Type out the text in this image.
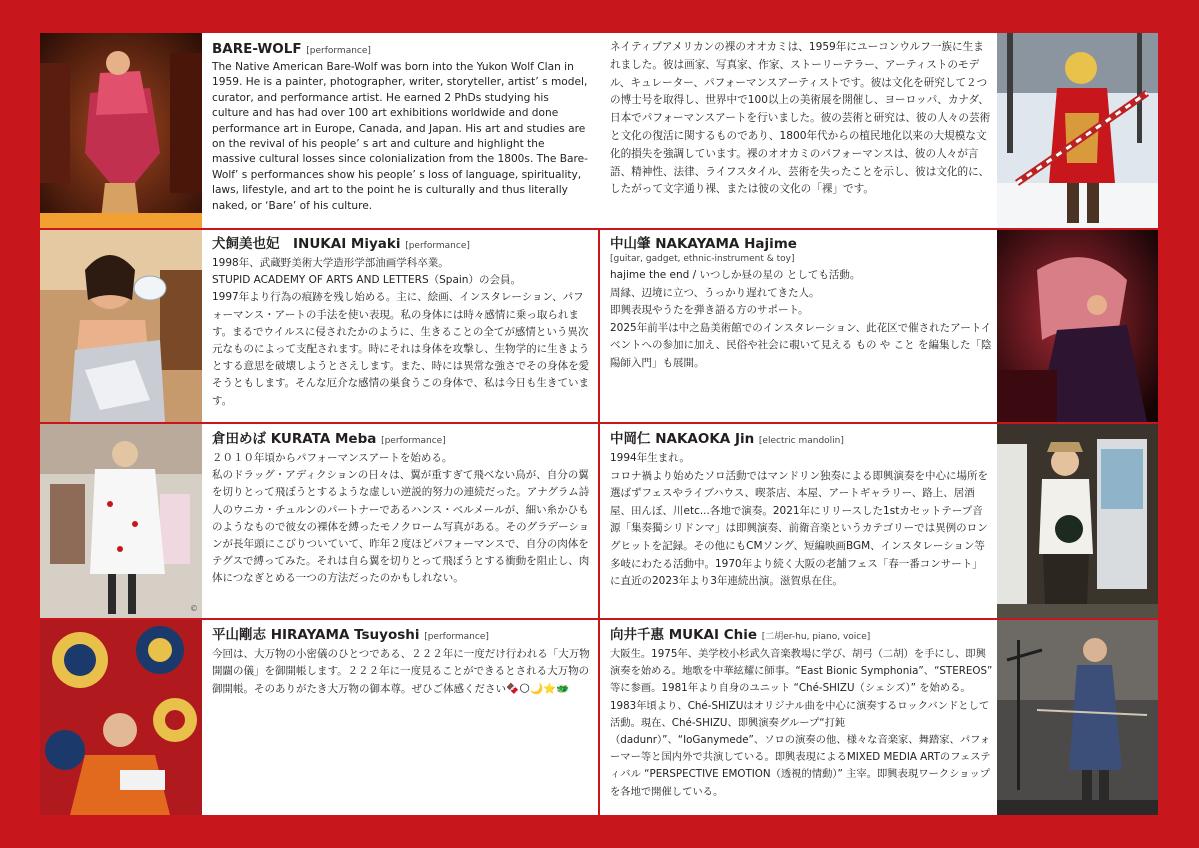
BARE-WOLF [performance]
The Native American Bare-Wolf was born into the Yukon Wolf Clan in 1959. He is a painter, photographer, writer, storyteller, artist’ s model, curator, and performance artist. He earned 2 PhDs studying his culture and has had over 100 art exhibitions worldwide and done performance art in Europe, Canada, and Japan. His art and studies are on the revival of his people’ s art and culture and highlight the massive cultural losses since colonialization from the 1800s. The Bare-Wolf’ s performances show his people’ s loss of language, spirituality, laws, lifestyle, and art to the point he is culturally and thus literally naked, or ‘Bare’ of his culture.
ネイティブアメリカンの裸のオオカミは、1959年にユーコンウルフ一族に生まれました。彼は画家、写真家、作家、ストーリーテラー、アーティストのモデル、キュレーター、パフォーマンスアーティストです。彼は文化を研究して２つの博士号を取得し、世界中で100以上の美術展を開催し、ヨーロッパ、カナダ、日本でパフォーマンスアートを行いました。彼の芸術と研究は、彼の人々の芸術と文化の復活に関するものであり、1800年代からの植民地化以来の大規模な文化的損失を強調しています。裸のオオカミのパフォーマンスは、彼の人々が言語、精神性、法律、ライフスタイル、芸術を失ったことを示し、彼は文化的に、したがって文字通り裸、または彼の文化の「裸」です。
犬飼美也妃　INUKAI Miyaki [performance]
1998年、武蔵野美術大学造形学部油画学科卒業。
STUPID ACADEMY OF ARTS AND LETTERS（Spain）の会員。
1997年より行為の痕跡を残し始める。主に、絵画、インスタレーション、パフォーマンス・アートの手法を使い表現。私の身体には時々感情に乗っ取られます。まるでウイルスに侵されたかのように、生きることの全てが感情という異次元なものによって支配されます。時にそれは身体を攻撃し、生物学的に生きようとする意思を破壊しようとさえします。また、時には異常な強さでその身体を愛そうともします。そんな厄介な感情の巣食うこの身体で、私は今日も生きています。
中山肇 NAKAYAMA Hajime
[guitar, gadget, ethnic-instrument & toy]
hajime the end / いつしか昼の星の としても活動。
周縁、辺境に立つ、うっかり遅れてきた人。
即興表現やうたを弾き語る方のサポート。
2025年前半は中之島美術館でのインスタレーション、此花区で催されたアートイベントへの参加に加え、民俗や社会に覗いて見える もの や こと を編集した「陰陽師入門」も展開。
©
倉田めば KURATA Meba [performance]
２０１０年頃からパフォーマンスアートを始める。
私のドラッグ・アディクションの日々は、翼が重すぎて飛べない鳥が、自分の翼を切りとって飛ぼうとするような虚しい逆説的努力の連続だった。アナグラム詩人のウニカ・チュルンのパートナーであるハンス・ベルメールが、細い糸かひものようなもので彼女の裸体を縛ったモノクローム写真がある。そのグラデーションが長年頭にこびりついていて、昨年２度ほどパフォーマンスで、自分の肉体をテグスで縛ってみた。それは自ら翼を切りとって飛ぼうとする衝動を阻止し、肉体につなぎとめる一つの方法だったのかもしれない。
中岡仁 NAKAOKA Jin [electric mandolin]
1994年生まれ。
コロナ禍より始めたソロ活動ではマンドリン独奏による即興演奏を中心に場所を選ばずフェスやライブハウス、喫茶店、本屋、アートギャラリー、路上、居酒屋、田んぼ、川etc...各地で演奏。2021年にリリースした1stカセットテープ音源「集奏獨シリドンマ」は即興演奏、前衛音楽というカテゴリーでは異例のロングヒットを記録。その他にもCMソング、短編映画BGM、インスタレーション等多岐にわたる活動中。1970年より続く大阪の老舗フェス「春一番コンサート」に直近の2023年より3年連続出演。滋賀県在住。
平山剛志 HIRAYAMA Tsuyoshi [performance]
今回は、大万物の小密儀のひとつである、２２２年に一度だけ行われる「大万物開闢の儀」を御開帳します。２２２年に一度見ることができるとされる大万物の御開帳。そのありがたき大万物の御本尊。ぜひご体感ください🍫🌕🌙⭐🐲
向井千惠 MUKAI Chie [二胡er-hu, piano, voice]
大阪生。1975年、美学校小杉武久音楽教場に学び、胡弓（二胡）を手にし、即興演奏を始める。地歌を中華絃耀に師事。“East Bionic Symphonia”、“STEREOS” 等に参画。1981年より自身のユニット “Ché-SHIZU（シェシズ）” を始める。1983年頃より、Ché-SHIZUはオリジナル曲を中心に演奏するロックバンドとして活動。現在、Ché-SHIZU、即興演奏グループ“打鈍（dadunr）”、“IoGanymede”、ソロの演奏の他、様々な音楽家、舞踏家、パフォーマー等と国内外で共演している。即興表現によるMIXED MEDIA ARTのフェスティバル “PERSPECTIVE EMOTION（透視的情動）” 主宰。即興表現ワークショップを各地で開催している。
